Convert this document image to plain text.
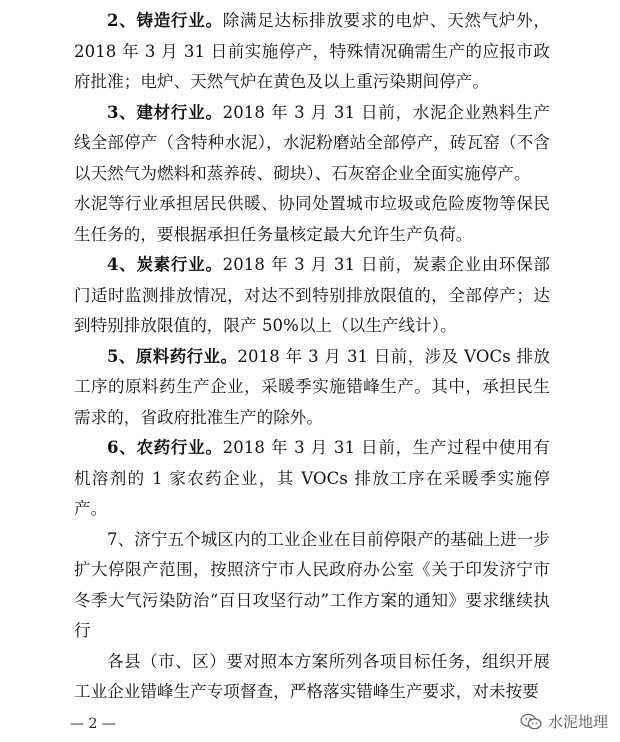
2、铸造行业。除满足达标排放要求的电炉、天然气炉外，2018 年 3 月 31 日前实施停产，特殊情况确需生产的应报市政府批准；电炉、天然气炉在黄色及以上重污染期间停产。

3、建材行业。2018 年 3 月 31 日前，水泥企业熟料生产线全部停产（含特种水泥），水泥粉磨站全部停产，砖瓦窑（不含以天然气为燃料和蒸养砖、砌块）、石灰窑企业全面实施停产。

水泥等行业承担居民供暖、协同处置城市垃圾或危险废物等保民生任务的，要根据承担任务量核定最大允许生产负荷。

4、炭素行业。2018 年 3 月 31 日前，炭素企业由环保部门适时监测排放情况，对达不到特别排放限值的，全部停产；达到特别排放限值的，限产 50%以上（以生产线计）。

5、原料药行业。2018 年 3 月 31 日前，涉及 VOCs 排放工序的原料药生产企业，采暖季实施错峰生产。其中，承担民生需求的，省政府批准生产的除外。

6、农药行业。2018 年 3 月 31 日前，生产过程中使用有机溶剂的 1 家农药企业，其 VOCs 排放工序在采暖季实施停产。

7、济宁五个城区内的工业企业在目前停限产的基础上进一步扩大停限产范围，按照济宁市人民政府办公室《关于印发济宁市冬季大气污染防治“百日攻坚行动”工作方案的通知》要求继续执行

各县（市、区）要对照本方案所列各项目标任务，组织开展工业企业错峰生产专项督查，严格落实错峰生产要求，对未按要

— 2 —	水泥地理
